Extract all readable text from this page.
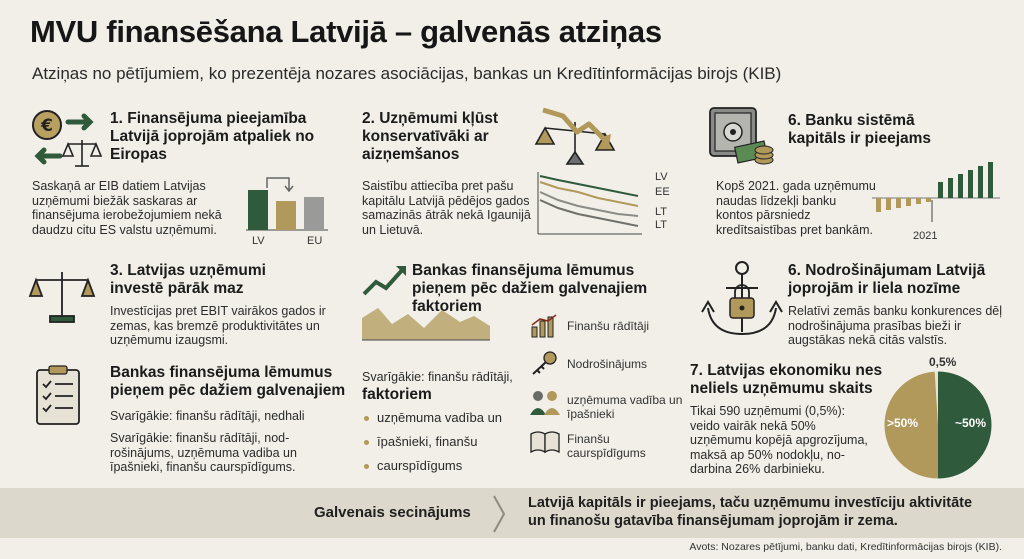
MVU finansēšana Latvijā – galvenās atziņas
Atziņas no pētījumiem, ko prezentēja nozares asociācijas, bankas un Kredītinformācijas birojs (KIB)
€	1. Finansējuma pieejamība Latvijā joprojām atpaliek no Eiropas
Saskaņā ar EIB datiem Latvijas uzņēmumi biežāk saskaras ar finansējuma ierobežojumiem nekā daudzu citu ES valstu uzņēmumi.
LV	EU
2. Uzņēmumi kļūst konservatīvāki ar aizņemšanos
Saistību attiecība pret pašu kapitālu Latvijā pēdējos gados samazinās ātrāk nekā Igaunijā un Lietuvā.
LV
EE
LT
LT
6. Banku sistēmā kapitāls ir pieejams
Kopš 2021. gada uzņēmumu naudas līdzekļi banku kontos pārsniedz kredītsaistības pret bankām.	2021
3. Latvijas uzņēmumi investē pārāk maz
Investīcijas pret EBIT vairākos gados ir zemas, kas bremzē produktivitātes un uzņēmumu izaugsmi.
Bankas finansējuma lēmumus pieņem pēc dažiem galvenajiem faktoriem
Finanšu rādītāji
Nodrošinājums
uzņēmuma vadība un īpašnieki
Finanšu caurspīdīgums
6. Nodrošinājumam Latvijā joprojām ir liela nozīme
Relatīvi zemās banku konkurences dēļ nodrošinājuma prasības bieži ir augstākas nekā citās valstīs.
Bankas finansējuma lēmumus pieņem pēc dažiem galvenajiem
Svarīgākie: finanšu rādītāji, nedhali
Svarīgākie: finanšu rādītāji, nod-rošinājums, uzņēmuma vadiba un īpašnieki, finanšu caurspīdīgums.
Svarīgākie: finanšu rādītāji,
faktoriem
uzņēmuma vadība un
īpašnieki, finanšu
caurspīdīgums
7. Latvijas ekonomiku nes neliels uzņēmumu skaits
Tikai 590 uzņēmumi (0,5%): veido vairāk nekā 50% uzņēmumu kopējā apgrozījuma, maksā ap 50% nodokļu, no-darbina 26% darbinieku.
0,5%
>50%	~50%
Galvenais secinājums
Latvijā kapitāls ir pieejams, taču uzņēmumu investīciju aktivitāte un finanošu gatavība finansējumam joprojām ir zema.
Avots: Nozares pētījumi, banku dati, Kredītinformācijas birojs (KIB).
